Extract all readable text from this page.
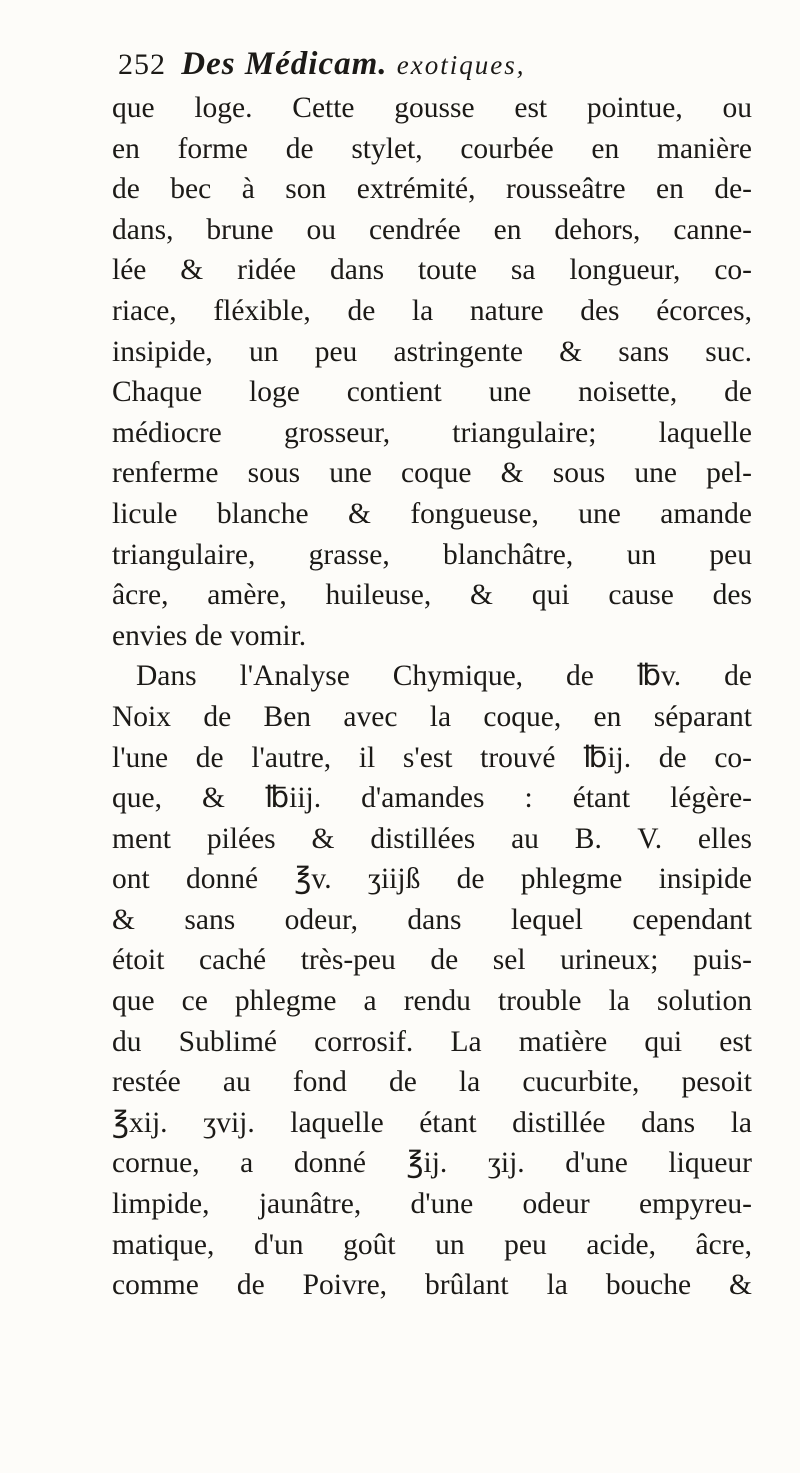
252 Des Médicam. exotiques,
que loge. Cette gousse est pointue, ou
en forme de stylet, courbée en manière
de bec à son extrémité, rousseâtre en de-
dans, brune ou cendrée en dehors, canne-
lée & ridée dans toute sa longueur, co-
riace, fléxible, de la nature des écorces,
insipide, un peu astringente & sans suc.
Chaque loge contient une noisette, de
médiocre grosseur, triangulaire; laquelle
renferme sous une coque & sous une pel-
licule blanche & fongueuse, une amande
triangulaire, grasse, blanchâtre, un peu
âcre, amère, huileuse, & qui cause des
envies de vomir.
Dans l'Analyse Chymique, de ℔v. de
Noix de Ben avec la coque, en séparant
l'une de l'autre, il s'est trouvé ℔ij. de co-
que, & ℔iij. d'amandes : étant légère-
ment pilées & distillées au B. V. elles
ont donné ℥v. ʒiijß de phlegme insipide
& sans odeur, dans lequel cependant
étoit caché très-peu de sel urineux; puis-
que ce phlegme a rendu trouble la solution
du Sublimé corrosif. La matière qui est
restée au fond de la cucurbite, pesoit
℥xij. ʒvij. laquelle étant distillée dans la
cornue, a donné ℥ij. ʒij. d'une liqueur
limpide, jaunâtre, d'une odeur empyreu-
matique, d'un goût un peu acide, âcre,
comme de Poivre, brûlant la bouche &
